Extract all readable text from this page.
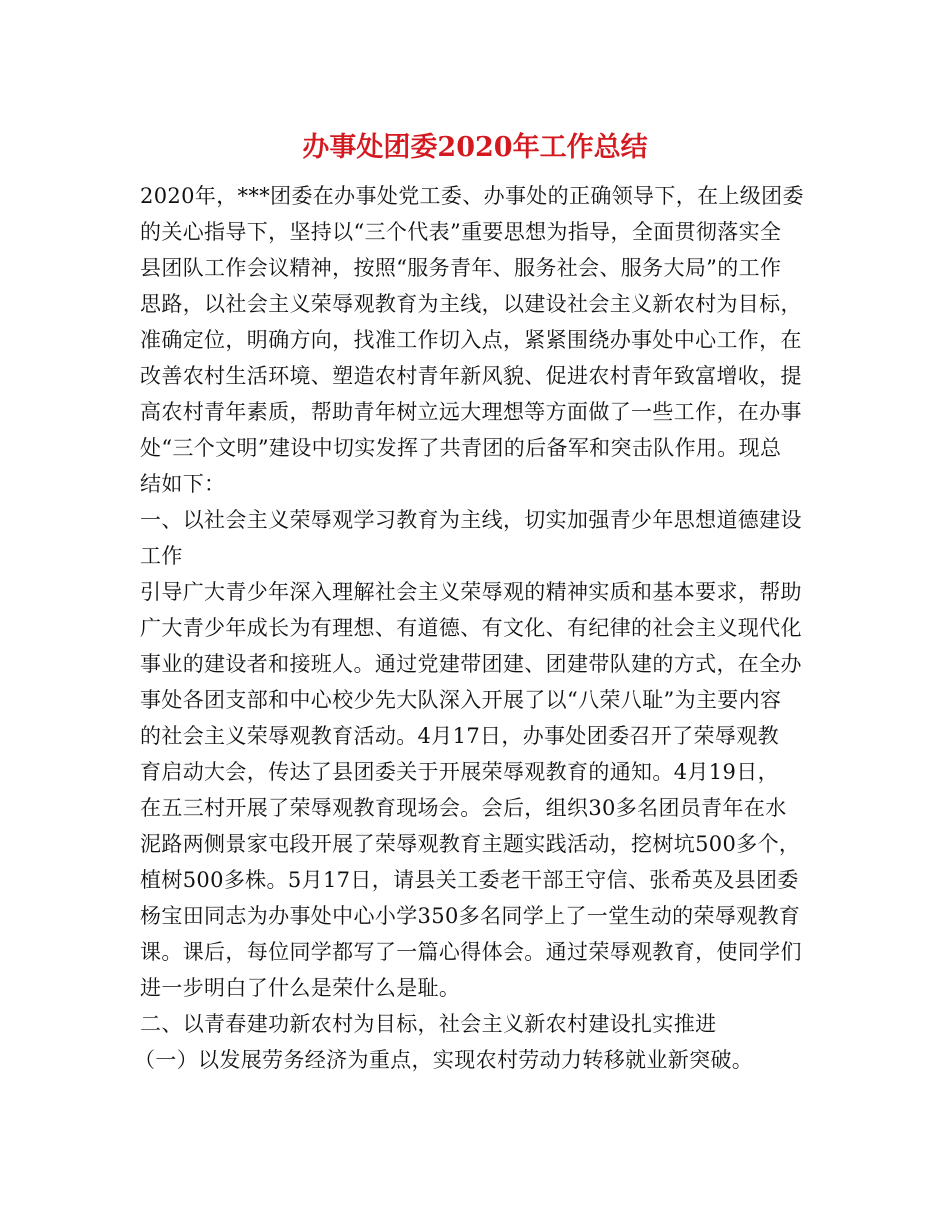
办事处团委2020年工作总结
2020年，***团委在办事处党工委、办事处的正确领导下，在上级团委
的关心指导下，坚持以“三个代表”重要思想为指导，全面贯彻落实全
县团队工作会议精神，按照“服务青年、服务社会、服务大局”的工作
思路，以社会主义荣辱观教育为主线，以建设社会主义新农村为目标，
准确定位，明确方向，找准工作切入点，紧紧围绕办事处中心工作，在
改善农村生活环境、塑造农村青年新风貌、促进农村青年致富增收，提
高农村青年素质，帮助青年树立远大理想等方面做了一些工作，在办事
处“三个文明”建设中切实发挥了共青团的后备军和突击队作用。现总
结如下：
一、以社会主义荣辱观学习教育为主线，切实加强青少年思想道德建设
工作
引导广大青少年深入理解社会主义荣辱观的精神实质和基本要求，帮助
广大青少年成长为有理想、有道德、有文化、有纪律的社会主义现代化
事业的建设者和接班人。通过党建带团建、团建带队建的方式，在全办
事处各团支部和中心校少先大队深入开展了以“八荣八耻”为主要内容
的社会主义荣辱观教育活动。4月17日，办事处团委召开了荣辱观教
育启动大会，传达了县团委关于开展荣辱观教育的通知。4月19日，
在五三村开展了荣辱观教育现场会。会后，组织30多名团员青年在水
泥路两侧景家屯段开展了荣辱观教育主题实践活动，挖树坑500多个，
植树500多株。5月17日，请县关工委老干部王守信、张希英及县团委
杨宝田同志为办事处中心小学350多名同学上了一堂生动的荣辱观教育
课。课后，每位同学都写了一篇心得体会。通过荣辱观教育，使同学们
进一步明白了什么是荣什么是耻。
二、以青春建功新农村为目标，社会主义新农村建设扎实推进
（一）以发展劳务经济为重点，实现农村劳动力转移就业新突破。
